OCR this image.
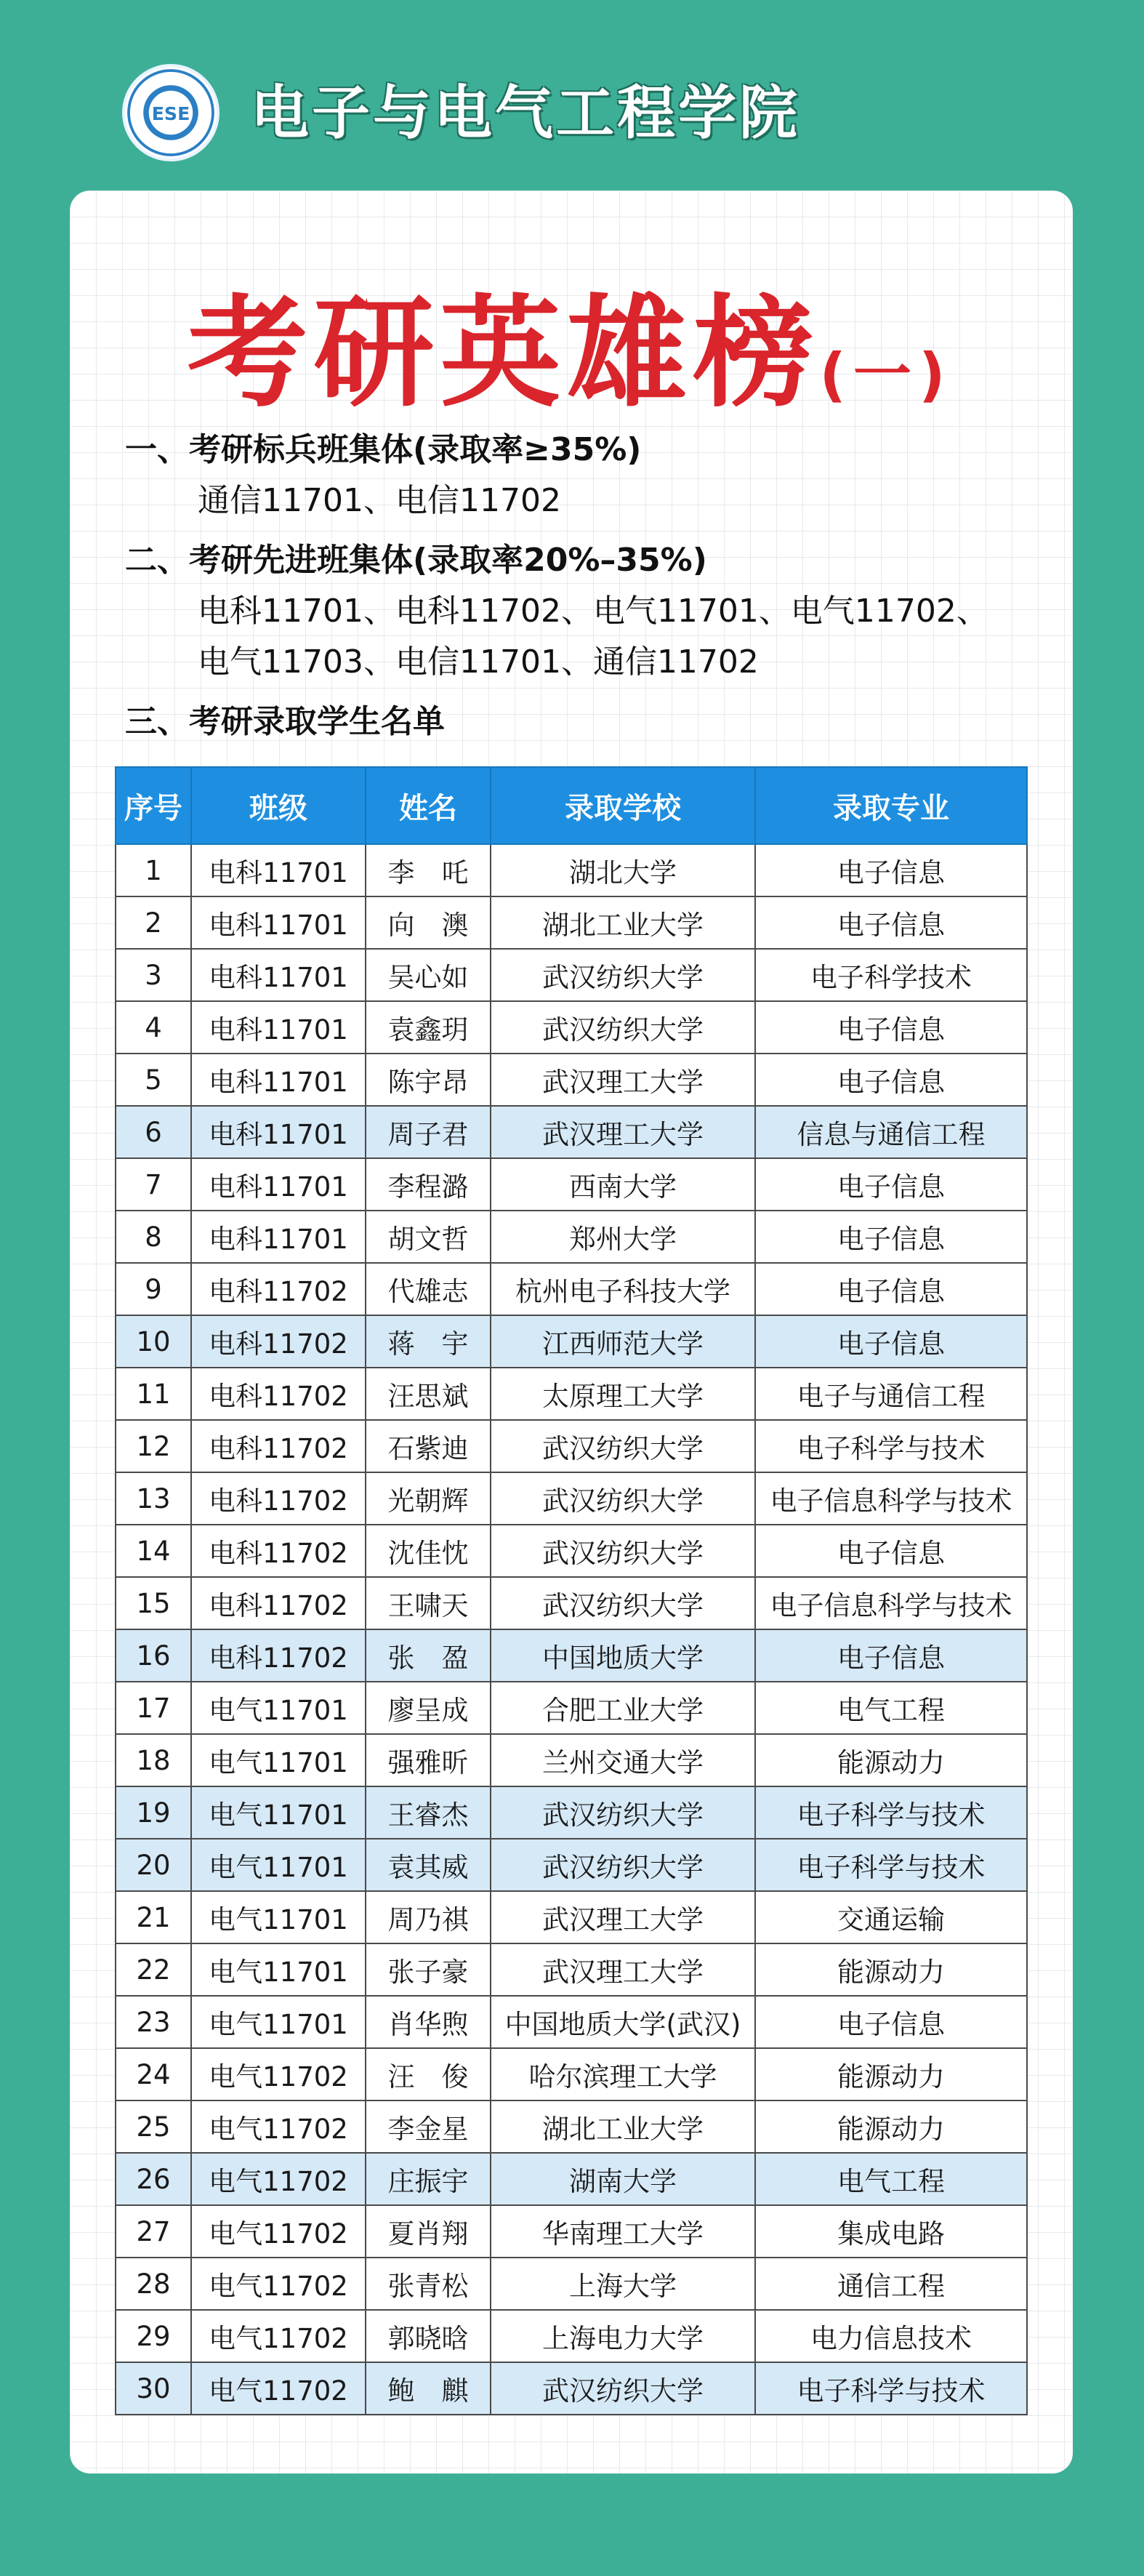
ESE 电子与电气工程学院
考研英雄榜(一)
一、考研标兵班集体(录取率≥35%)
通信11701、电信11702
二、考研先进班集体(录取率20%–35%)
电科11701、电科11702、电气11701、电气11702、
电气11703、电信11701、通信11702
三、考研录取学生名单
序号	班级	姓名	录取学校	录取专业
1	电科11701	李　吒	湖北大学	电子信息
2	电科11701	向　澳	湖北工业大学	电子信息
3	电科11701	吴心如	武汉纺织大学	电子科学技术
4	电科11701	袁鑫玥	武汉纺织大学	电子信息
5	电科11701	陈宇昂	武汉理工大学	电子信息
6	电科11701	周子君	武汉理工大学	信息与通信工程
7	电科11701	李程潞	西南大学	电子信息
8	电科11701	胡文哲	郑州大学	电子信息
9	电科11702	代雄志	杭州电子科技大学	电子信息
10	电科11702	蒋　宇	江西师范大学	电子信息
11	电科11702	汪思斌	太原理工大学	电子与通信工程
12	电科11702	石紫迪	武汉纺织大学	电子科学与技术
13	电科11702	光朝辉	武汉纺织大学	电子信息科学与技术
14	电科11702	沈佳忱	武汉纺织大学	电子信息
15	电科11702	王啸天	武汉纺织大学	电子信息科学与技术
16	电科11702	张　盈	中国地质大学	电子信息
17	电气11701	廖呈成	合肥工业大学	电气工程
18	电气11701	强雅昕	兰州交通大学	能源动力
19	电气11701	王睿杰	武汉纺织大学	电子科学与技术
20	电气11701	袁其威	武汉纺织大学	电子科学与技术
21	电气11701	周乃祺	武汉理工大学	交通运输
22	电气11701	张子豪	武汉理工大学	能源动力
23	电气11701	肖华煦	中国地质大学(武汉)	电子信息
24	电气11702	汪　俊	哈尔滨理工大学	能源动力
25	电气11702	李金星	湖北工业大学	能源动力
26	电气11702	庄振宇	湖南大学	电气工程
27	电气11702	夏肖翔	华南理工大学	集成电路
28	电气11702	张青松	上海大学	通信工程
29	电气11702	郭晓晗	上海电力大学	电力信息技术
30	电气11702	鲍　麒	武汉纺织大学	电子科学与技术
